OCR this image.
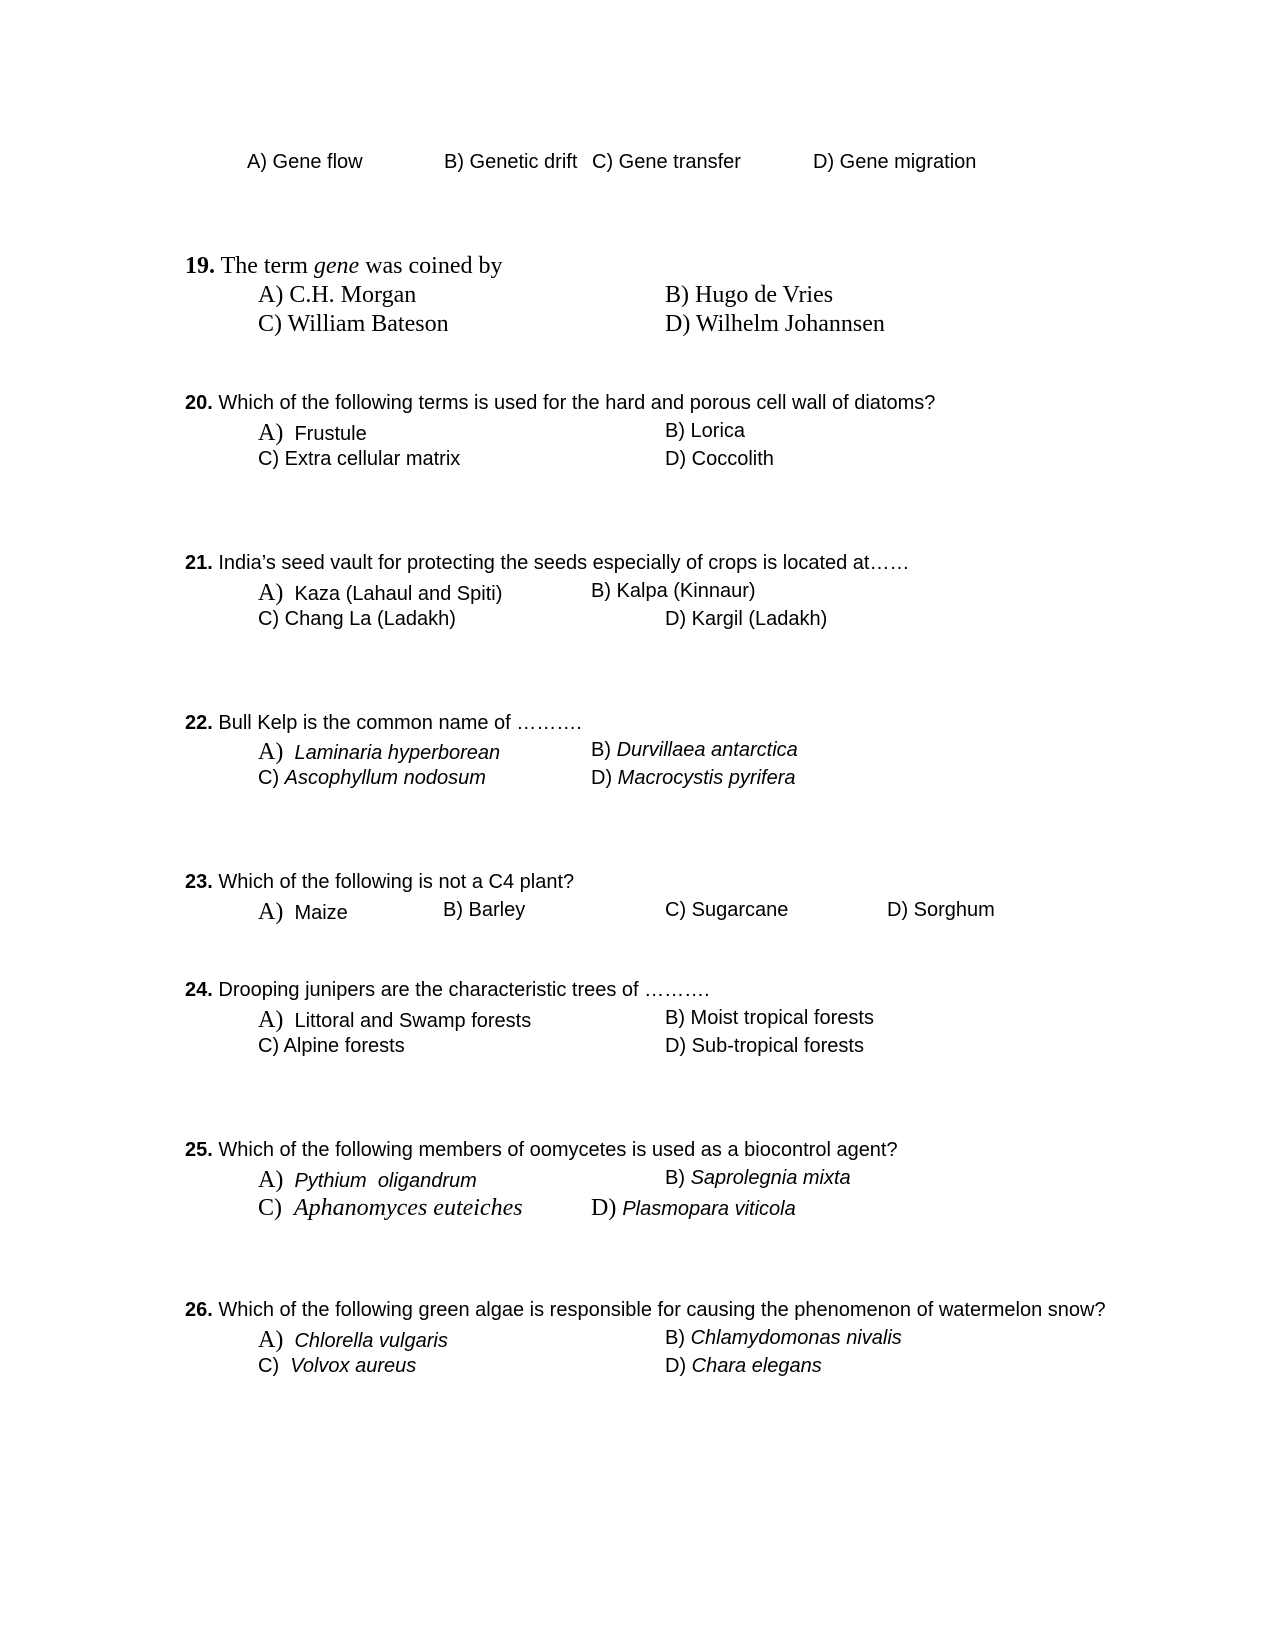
A) Gene flow	B) Genetic drift C) Gene transfer	D) Gene migration
19. The term gene was coined by
A) C.H. Morgan	B) Hugo de Vries
C) William Bateson	D) Wilhelm Johannsen
20. Which of the following terms is used for the hard and porous cell wall of diatoms?
A) Frustule	B) Lorica
C) Extra cellular matrix	D) Coccolith
21. India’s seed vault for protecting the seeds especially of crops is located at……
A) Kaza (Lahaul and Spiti)	B) Kalpa (Kinnaur)
C) Chang La (Ladakh)	D) Kargil (Ladakh)
22. Bull Kelp is the common name of ……….
A) Laminaria hyperborean	B) Durvillaea antarctica
C) Ascophyllum nodosum	D) Macrocystis pyrifera
23. Which of the following is not a C4 plant?
A) Maize	B) Barley	C) Sugarcane	D) Sorghum
24. Drooping junipers are the characteristic trees of ……….
A) Littoral and Swamp forests	B) Moist tropical forests
C) Alpine forests	D) Sub-tropical forests
25. Which of the following members of oomycetes is used as a biocontrol agent?
A) Pythium  oligandrum	B) Saprolegnia mixta
C) Aphanomyces euteiches	D) Plasmopara viticola
26. Which of the following green algae is responsible for causing the phenomenon of watermelon snow?
A) Chlorella vulgaris	B) Chlamydomonas nivalis
C) Volvox aureus	D) Chara elegans
